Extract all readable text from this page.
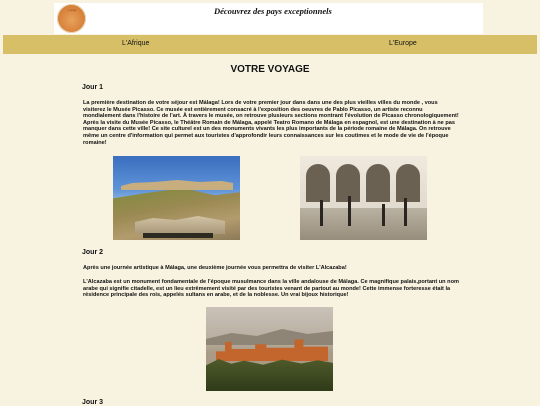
voyage	Découvrez des pays exceptionnels
L'Afrique	L'Europe
VOTRE VOYAGE
Jour 1

La première destination de votre séjour est Málaga! Lors de votre premier jour dans dans une des plus vieilles villes du monde , vous visiterez le Musée Picasso. Ce musée est entièrement consacré à l'exposition des oeuvres de Pablo Picasso, un artiste reconnu mondialement dans l'histoire de l'art. À travers le musée, on retrouve plusieurs sections montrant l'évolution de Picasso chronologiquement! Après la visite du Musée Picasso, le Théâtre Romain de Málaga, appelé Teatro Romano de Málaga en espagnol, est une destination à ne pas manquer dans cette ville! Ce site culturel est un des monuments vivants les plus importants de la période romaine de Málaga. On retrouve même un centre d'information qui permet aux touristes d'approfondir leurs connaissances sur les coutimes et le mode de vie de l'époque romaine!

Jour 2

Après une journée artistique à Málaga, une deuxième journée vous permettra de visiter L'Alcazaba!

L'Alcazaba est un monument fondamentale de l'époque musulmance dans la ville andalouse de Málaga. Ce magnifique palais,portant un nom arabe qui signifie citadelle, est un lieu extrêmement visité par des touristes venant de partout au monde! Cette immense forteresse était la résidence principale des rois, appelés sultans en arabe, et de la noblesse. Un vrai bijoux historique!

Jour 3
